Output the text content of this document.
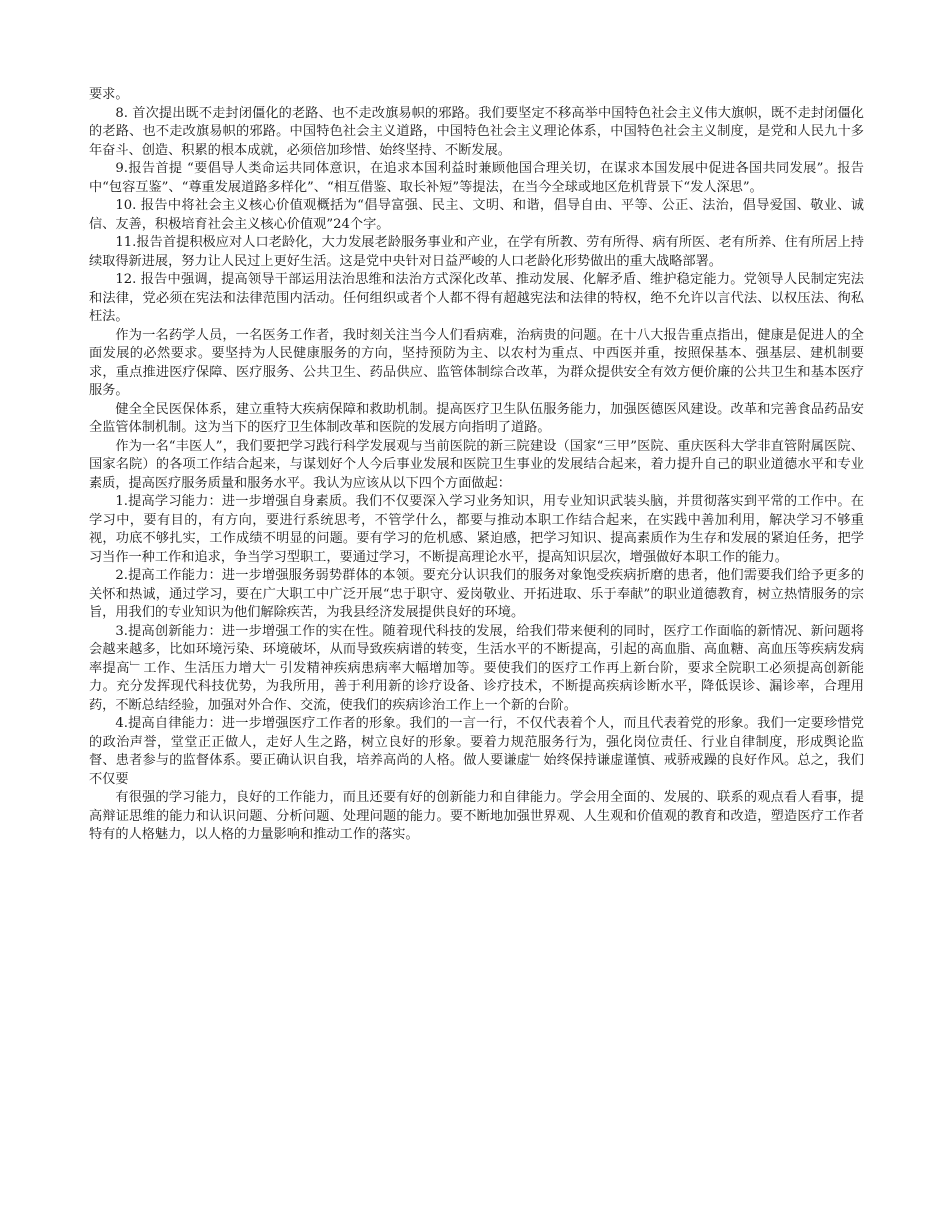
要求。

8. 首次提出既不走封闭僵化的老路、也不走改旗易帜的邪路。我们要坚定不移高举中国特色社会主义伟大旗帜，既不走封闭僵化的老路、也不走改旗易帜的邪路。中国特色社会主义道路，中国特色社会主义理论体系，中国特色社会主义制度，是党和人民九十多年奋斗、创造、积累的根本成就，必须倍加珍惜、始终坚持、不断发展。

9.报告首提 “要倡导人类命运共同体意识，在追求本国利益时兼顾他国合理关切，在谋求本国发展中促进各国共同发展”。报告中“包容互鉴”、“尊重发展道路多样化”、“相互借鉴、取长补短”等提法，在当今全球或地区危机背景下“发人深思”。

10. 报告中将社会主义核心价值观概括为“倡导富强、民主、文明、和谐，倡导自由、平等、公正、法治，倡导爱国、敬业、诚信、友善，积极培育社会主义核心价值观”24个字。

11.报告首提积极应对人口老龄化，大力发展老龄服务事业和产业，在学有所教、劳有所得、病有所医、老有所养、住有所居上持续取得新进展，努力让人民过上更好生活。这是党中央针对日益严峻的人口老龄化形势做出的重大战略部署。

12. 报告中强调，提高领导干部运用法治思维和法治方式深化改革、推动发展、化解矛盾、维护稳定能力。党领导人民制定宪法和法律，党必须在宪法和法律范围内活动。任何组织或者个人都不得有超越宪法和法律的特权，绝不允许以言代法、以权压法、徇私枉法。

作为一名药学人员，一名医务工作者，我时刻关注当今人们看病难，治病贵的问题。在十八大报告重点指出，健康是促进人的全面发展的必然要求。要坚持为人民健康服务的方向，坚持预防为主、以农村为重点、中西医并重，按照保基本、强基层、建机制要求，重点推进医疗保障、医疗服务、公共卫生、药品供应、监管体制综合改革，为群众提供安全有效方便价廉的公共卫生和基本医疗服务。

健全全民医保体系，建立重特大疾病保障和救助机制。提高医疗卫生队伍服务能力，加强医德医风建设。改革和完善食品药品安全监管体制机制。这为当下的医疗卫生体制改革和医院的发展方向指明了道路。

作为一名“丰医人”，我们要把学习践行科学发展观与当前医院的新三院建设（国家“三甲”医院、重庆医科大学非直管附属医院、国家名院）的各项工作结合起来，与谋划好个人今后事业发展和医院卫生事业的发展结合起来，着力提升自己的职业道德水平和专业素质，提高医疗服务质量和服务水平。我认为应该从以下四个方面做起：

1.提高学习能力：进一步增强自身素质。我们不仅要深入学习业务知识，用专业知识武装头脑，并贯彻落实到平常的工作中。在学习中，要有目的，有方向，要进行系统思考，不管学什么，都要与推动本职工作结合起来，在实践中善加利用，解决学习不够重视，功底不够扎实，工作成绩不明显的问题。要有学习的危机感、紧迫感，把学习知识、提高素质作为生存和发展的紧迫任务，把学习当作一种工作和追求，争当学习型职工，要通过学习，不断提高理论水平，提高知识层次，增强做好本职工作的能力。

2.提高工作能力：进一步增强服务弱势群体的本领。要充分认识我们的服务对象饱受疾病折磨的患者，他们需要我们给予更多的关怀和热诚，通过学习，要在广大职工中广泛开展“忠于职守、爱岗敬业、开拓进取、乐于奉献”的职业道德教育，树立热情服务的宗旨，用我们的专业知识为他们解除疾苦，为我县经济发展提供良好的环境。

3.提高创新能力：进一步增强工作的实在性。随着现代科技的发展，给我们带来便利的同时，医疗工作面临的新情况、新问题将会越来越多，比如环境污染、环境破坏，从而导致疾病谱的转变，生活水平的不断提高，引起的高血脂、高血糖、高血压等疾病发病率提高﹂工作、生活压力增大﹂引发精神疾病患病率大幅增加等。要使我们的医疗工作再上新台阶，要求全院职工必须提高创新能力。充分发挥现代科技优势，为我所用，善于利用新的诊疗设备、诊疗技术，不断提高疾病诊断水平，降低误诊、漏诊率，合理用药，不断总结经验，加强对外合作、交流，使我们的疾病诊治工作上一个新的台阶。

4.提高自律能力：进一步增强医疗工作者的形象。我们的一言一行，不仅代表着个人，而且代表着党的形象。我们一定要珍惜党的政治声誉，堂堂正正做人，走好人生之路，树立良好的形象。要着力规范服务行为，强化岗位责任、行业自律制度，形成舆论监督、患者参与的监督体系。要正确认识自我，培养高尚的人格。做人要谦虚﹂始终保持谦虚谨慎、戒骄戒躁的良好作风。总之，我们不仅要

有很强的学习能力，良好的工作能力，而且还要有好的创新能力和自律能力。学会用全面的、发展的、联系的观点看人看事，提高辩证思维的能力和认识问题、分析问题、处理问题的能力。要不断地加强世界观、人生观和价值观的教育和改造，塑造医疗工作者特有的人格魅力，以人格的力量影响和推动工作的落实。
